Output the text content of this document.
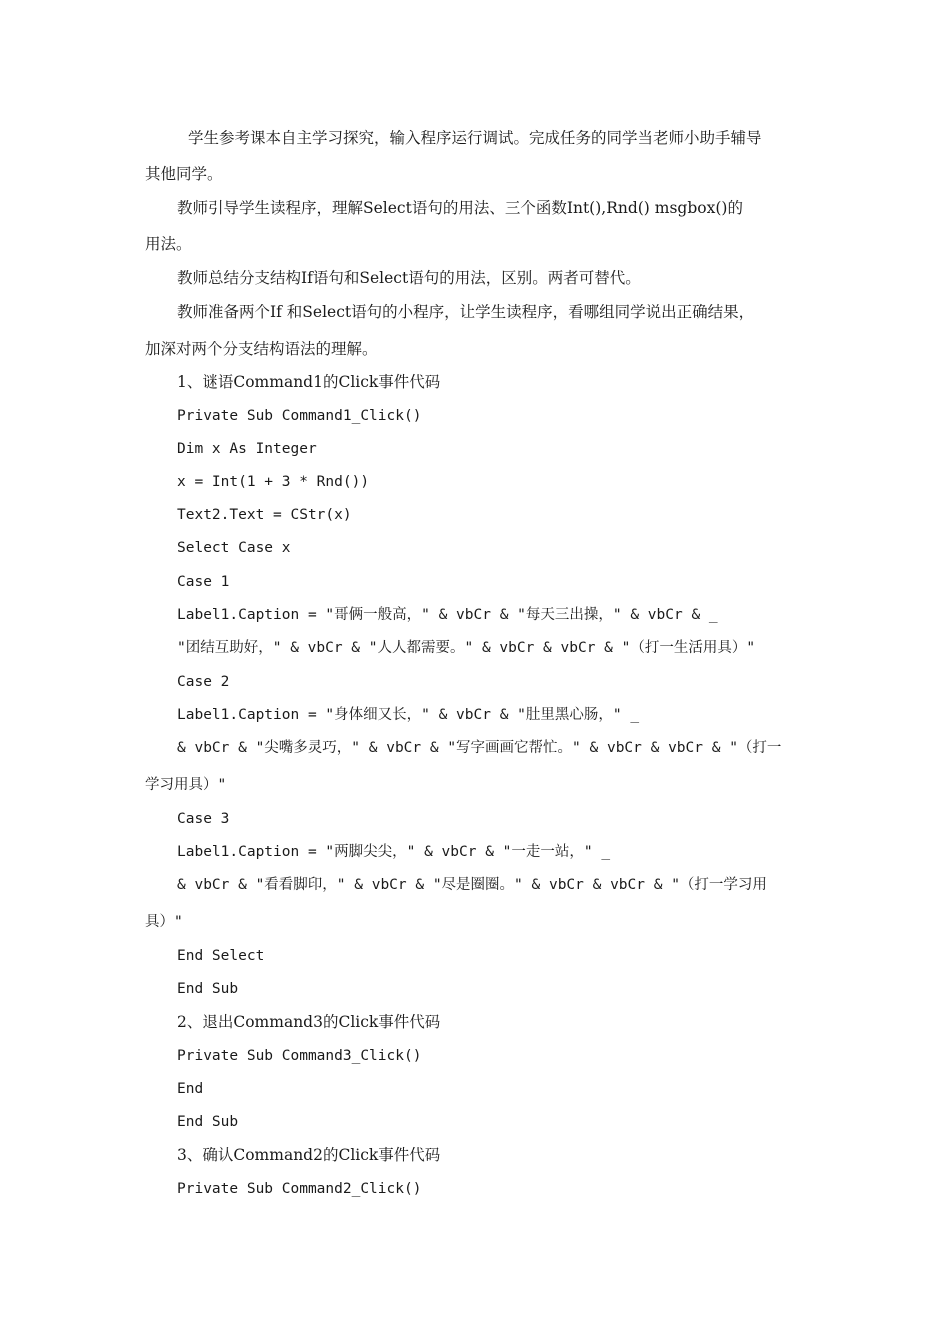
学生参考课本自主学习探究，输入程序运行调试。完成任务的同学当老师小助手辅导
其他同学。
教师引导学生读程序，理解Select语句的用法、三个函数Int(),Rnd() msgbox()的
用法。
教师总结分支结构If语句和Select语句的用法，区别。两者可替代。
教师准备两个If 和Select语句的小程序，让学生读程序，看哪组同学说出正确结果，
加深对两个分支结构语法的理解。
1、谜语Command1的Click事件代码
Private Sub Command1_Click()
Dim x As Integer
x = Int(1 + 3 * Rnd())
Text2.Text = CStr(x)
Select Case x
Case 1
Label1.Caption = "哥俩一般高，" & vbCr & "每天三出操，" & vbCr & _
"团结互助好，" & vbCr & "人人都需要。" & vbCr & vbCr & "（打一生活用具）"
Case 2
Label1.Caption = "身体细又长，" & vbCr & "肚里黑心肠，" _
& vbCr & "尖嘴多灵巧，" & vbCr & "写字画画它帮忙。" & vbCr & vbCr & "（打一
学习用具）"
Case 3
Label1.Caption = "两脚尖尖，" & vbCr & "一走一站，" _
& vbCr & "看看脚印，" & vbCr & "尽是圈圈。" & vbCr & vbCr & "（打一学习用
具）"
End Select
End Sub
2、退出Command3的Click事件代码
Private Sub Command3_Click()
End
End Sub
3、确认Command2的Click事件代码
Private Sub Command2_Click()
